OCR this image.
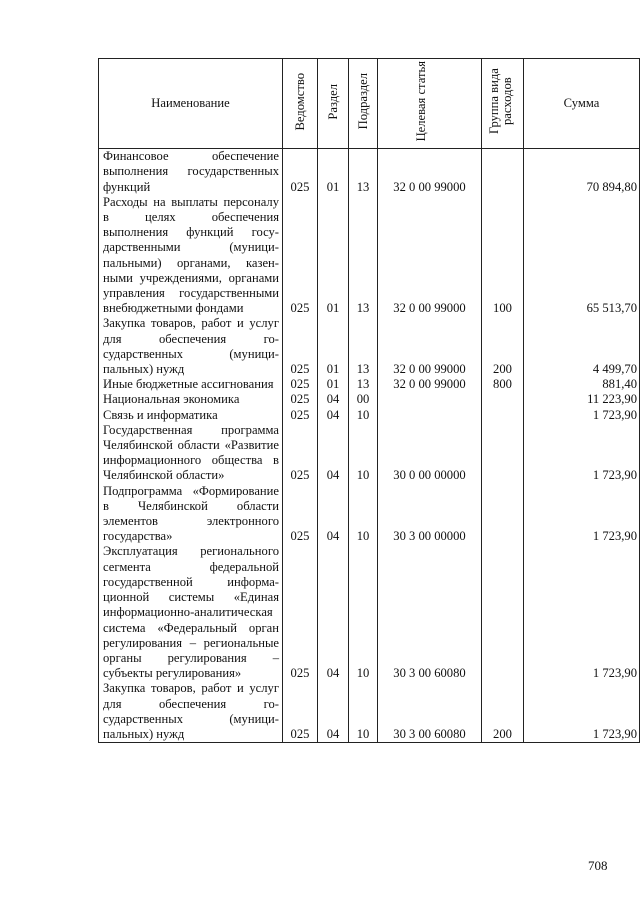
Наименование	Ведомство	Раздел	Подраздел	Целевая статья	Группа вида расходов	Сумма
Финансовое обеспечение выполнения государственных функций	025	01	13	32 0 00 99000		70 894,80
Расходы на выплаты персоналу в целях обеспечения выполнения функций государственными (муниципальными) органами, казенными учреждениями, органами управления государственными внебюджетными фондами	025	01	13	32 0 00 99000	100	65 513,70
Закупка товаров, работ и услуг для обеспечения государственных (муниципальных) нужд	025	01	13	32 0 00 99000	200	4 499,70
Иные бюджетные ассигнования	025	01	13	32 0 00 99000	800	881,40
Национальная экономика	025	04	00			11 223,90
Связь и информатика	025	04	10			1 723,90
Государственная программа Челябинской области «Развитие информационного общества в Челябинской области»	025	04	10	30 0 00 00000		1 723,90
Подпрограмма «Формирование в Челябинской области элементов электронного государства»	025	04	10	30 3 00 00000		1 723,90
Эксплуатация регионального сегмента федеральной государственной информационной системы «Единая информационно-аналитическая система «Федеральный орган регулирования – региональные органы регулирования – субъекты регулирования»	025	04	10	30 3 00 60080		1 723,90
Закупка товаров, работ и услуг для обеспечения государственных (муниципальных) нужд	025	04	10	30 3 00 60080	200	1 723,90
708
